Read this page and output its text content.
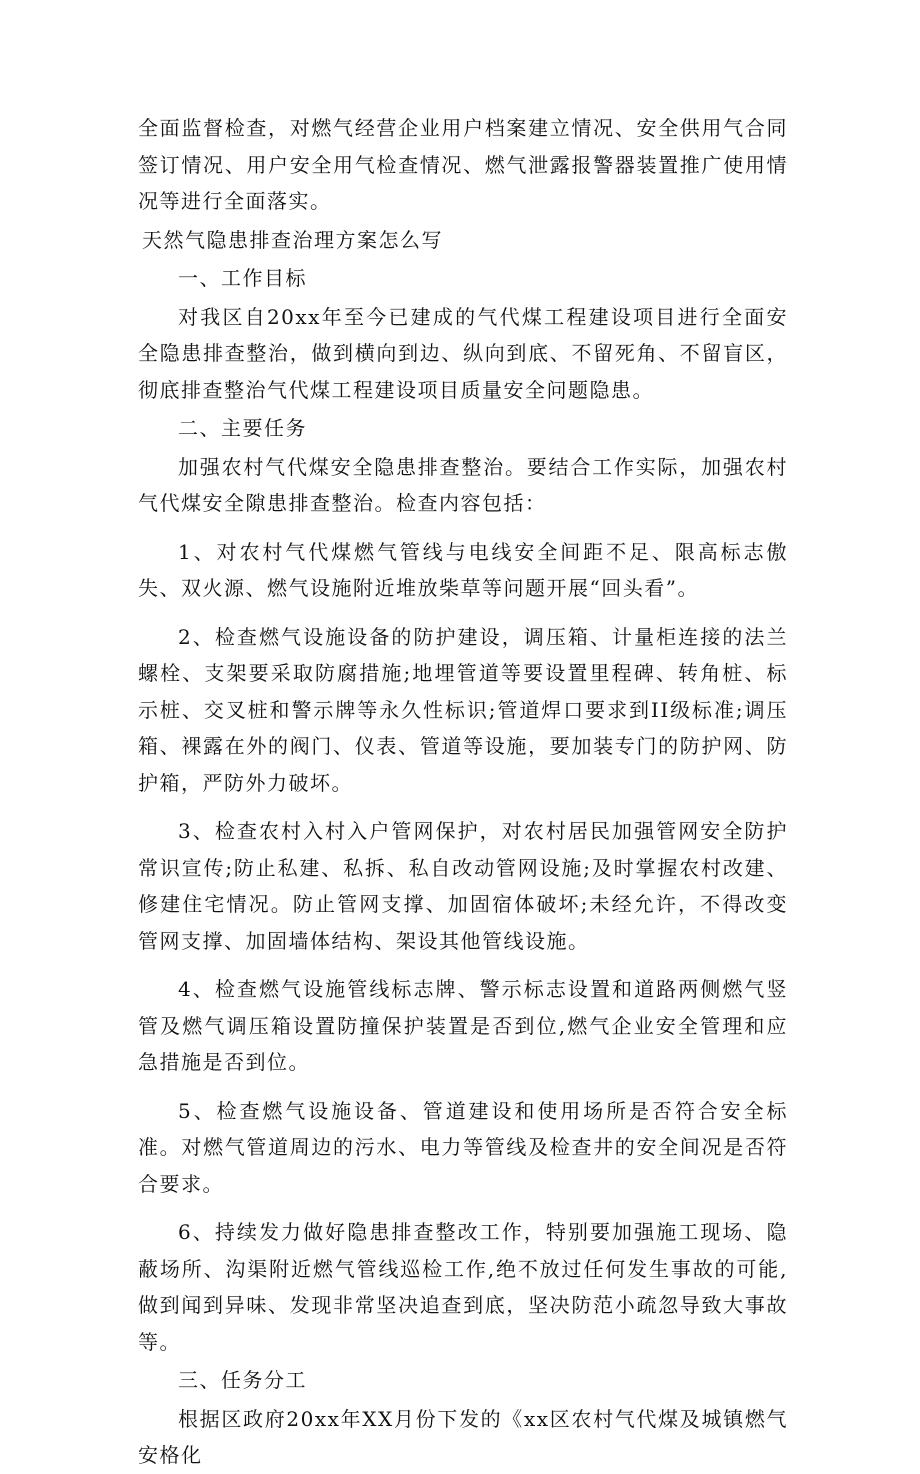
全面监督检查，对燃气经营企业用户档案建立情况、安全供用气合同签订情况、用户安全用气检查情况、燃气泄露报警器装置推广使用情况等进行全面落实。

天然气隐患排查治理方案怎么写

一、工作目标

对我区自20xx年至今已建成的气代煤工程建设项目进行全面安全隐患排查整治，做到横向到边、纵向到底、不留死角、不留盲区，彻底排查整治气代煤工程建设项目质量安全问题隐患。

二、主要任务

加强农村气代煤安全隐患排查整治。要结合工作实际，加强农村气代煤安全隙患排查整治。检查内容包括：

1、对农村气代煤燃气管线与电线安全间距不足、限高标志傲失、双火源、燃气设施附近堆放柴草等问题开展“回头看”。

2、检查燃气设施设备的防护建设，调压箱、计量柜连接的法兰螺栓、支架要采取防腐措施;地埋管道等要设置里程碑、转角桩、标示桩、交叉桩和警示牌等永久性标识;管道焊口要求到II级标准;调压箱、裸露在外的阀门、仪表、管道等设施，要加装专门的防护网、防护箱，严防外力破坏。

3、检查农村入村入户管网保护，对农村居民加强管网安全防护常识宣传;防止私建、私拆、私自改动管网设施;及时掌握农村改建、修建住宅情况。防止管网支撑、加固宿体破坏;未经允许，不得改变管网支撑、加固墙体结构、架设其他管线设施。

4、检查燃气设施管线标志牌、警示标志设置和道路两侧燃气竖管及燃气调压箱设置防撞保护装置是否到位,燃气企业安全管理和应急措施是否到位。

5、检查燃气设施设备、管道建设和使用场所是否符合安全标准。对燃气管道周边的污水、电力等管线及检查井的安全间况是否符合要求。

6、持续发力做好隐患排查整改工作，特别要加强施工现场、隐蔽场所、沟渠附近燃气管线巡检工作,绝不放过任何发生事故的可能,做到闻到异味、发现非常坚决追查到底，坚决防范小疏忽导致大事故等。

三、任务分工

根据区政府20xx年XX月份下发的《xx区农村气代煤及城镇燃气安格化
